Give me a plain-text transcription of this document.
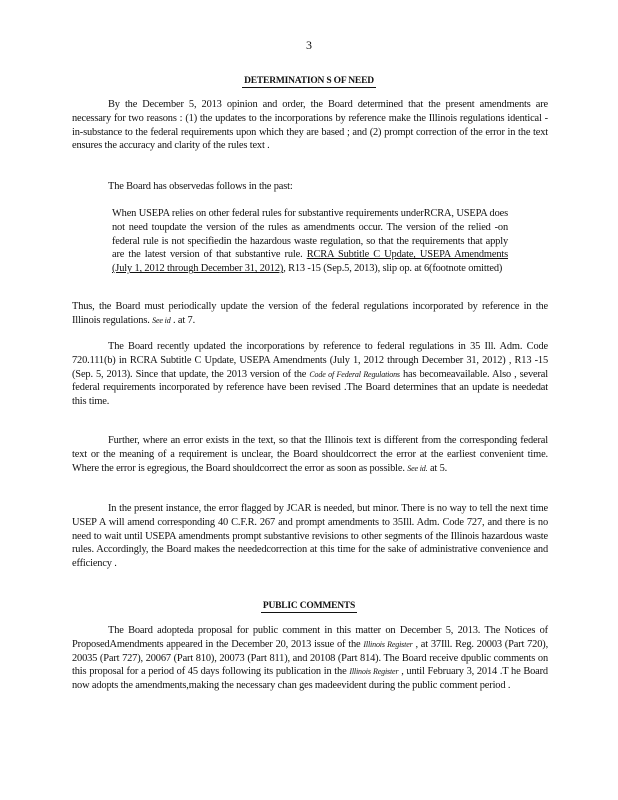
3
DETERMINATION S OF NEED
By the December 5, 2013 opinion and order, the Board determined that the present amendments are necessary for two reasons : (1) the updates to the incorporations by reference make the Illinois regulations identical -in-substance to the federal requirements upon which they are based ; and (2) prompt correction of the error in the text ensures the accuracy and clarity of the rules text .
The Board has observedas follows in the past:
When USEPA relies on other federal rules for substantive requirements underRCRA, USEPA does not need toupdate the version of the rules as amendments occur. The version of the relied -on federal rule is not specifiedin the hazardous waste regulation, so that the requirements that apply are the latest version of that substantive rule. RCRA Subtitle C Update, USEPA Amendments (July 1, 2012 through December 31, 2012), R13 -15 (Sep.5, 2013), slip op. at 6(footnote omitted)
Thus, the Board must periodically update the version of the federal regulations incorporated by reference in the Illinois regulations. See id . at 7.
The Board recently updated the incorporations by reference to federal regulations in 35 Ill. Adm. Code 720.111(b) in RCRA Subtitle C Update, USEPA Amendments (July 1, 2012 through December 31, 2012) , R13 -15 (Sep. 5, 2013). Since that update, the 2013 version of the Code of Federal Regulations has becomeavailable. Also , several federal requirements incorporated by reference have been revised .The Board determines that an update is neededat this time.
Further, where an error exists in the text, so that the Illinois text is different from the corresponding federal text or the meaning of a requirement is unclear, the Board shouldcorrect the error at the earliest convenient time. Where the error is egregious, the Board shouldcorrect the error as soon as possible. See id. at 5.
In the present instance, the error flagged by JCAR is needed, but minor. There is no way to tell the next time USEP A will amend corresponding 40 C.F.R. 267 and prompt amendments to 35Ill. Adm. Code 727, and there is no need to wait until USEPA amendments prompt substantive revisions to other segments of the Illinois hazardous waste rules. Accordingly, the Board makes the neededcorrection at this time for the sake of administrative convenience and efficiency .
PUBLIC COMMENTS
The Board adopteda proposal for public comment in this matter on December 5, 2013. The Notices of ProposedAmendments appeared in the December 20, 2013 issue of the Illinois Register , at 37Ill. Reg. 20003 (Part 720), 20035 (Part 727), 20067 (Part 810), 20073 (Part 811), and 20108 (Part 814). The Board receive dpublic comments on this proposal for a period of 45 days following its publication in the Illinois Register , until February 3, 2014 .T he Board now adopts the amendments,making the necessary chan ges madeevident during the public comment period .
